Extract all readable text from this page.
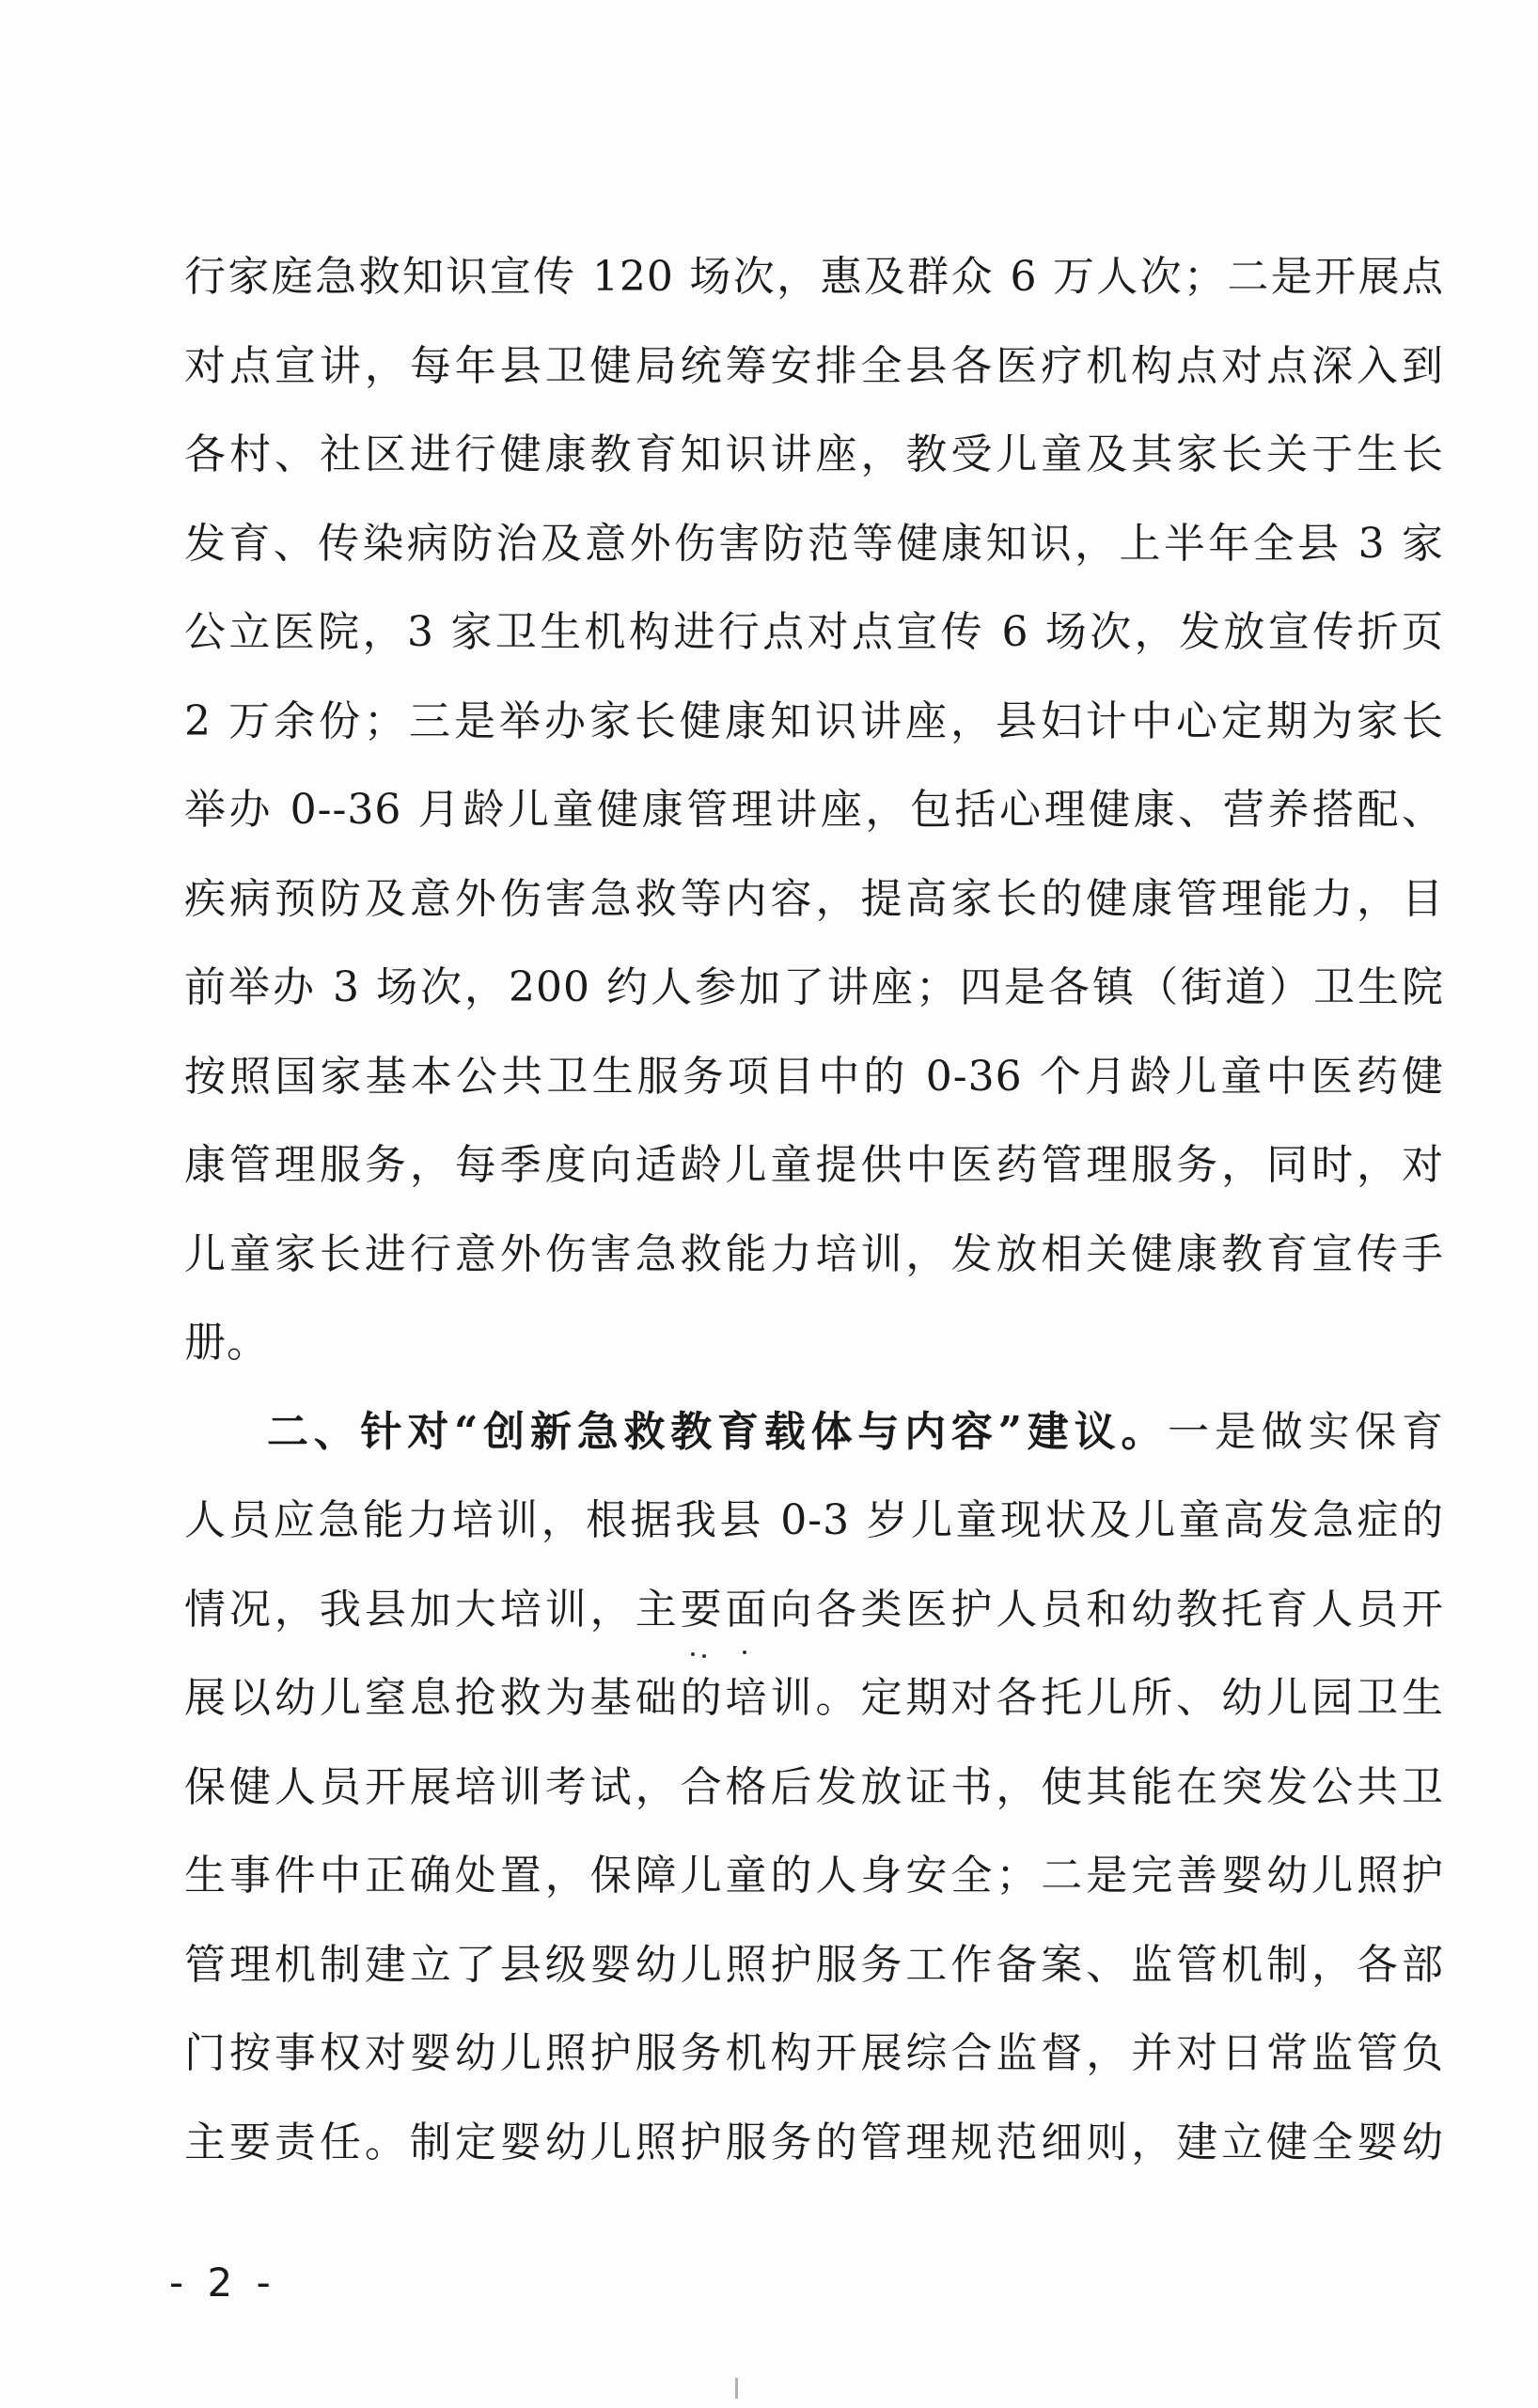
行家庭急救知识宣传 120 场次，惠及群众 6 万人次；二是开展点
对点宣讲，每年县卫健局统筹安排全县各医疗机构点对点深入到
各村、社区进行健康教育知识讲座，教受儿童及其家长关于生长
发育、传染病防治及意外伤害防范等健康知识，上半年全县 3 家
公立医院，3 家卫生机构进行点对点宣传 6 场次，发放宣传折页
2 万余份；三是举办家长健康知识讲座，县妇计中心定期为家长
举办 0--36 月龄儿童健康管理讲座，包括心理健康、营养搭配、
疾病预防及意外伤害急救等内容，提高家长的健康管理能力，目
前举办 3 场次，200 约人参加了讲座；四是各镇（街道）卫生院
按照国家基本公共卫生服务项目中的 0-36 个月龄儿童中医药健
康管理服务，每季度向适龄儿童提供中医药管理服务，同时，对
儿童家长进行意外伤害急救能力培训，发放相关健康教育宣传手
册。
二、针对“创新急救教育载体与内容”建议。一是做实保育
人员应急能力培训，根据我县 0-3 岁儿童现状及儿童高发急症的
情况，我县加大培训，主要面向各类医护人员和幼教托育人员开
展以幼儿窒息抢救为基础的培训。定期对各托儿所、幼儿园卫生
保健人员开展培训考试，合格后发放证书，使其能在突发公共卫
生事件中正确处置，保障儿童的人身安全；二是完善婴幼儿照护
管理机制建立了县级婴幼儿照护服务工作备案、监管机制，各部
门按事权对婴幼儿照护服务机构开展综合监督，并对日常监管负
主要责任。制定婴幼儿照护服务的管理规范细则，建立健全婴幼
- 2 -
